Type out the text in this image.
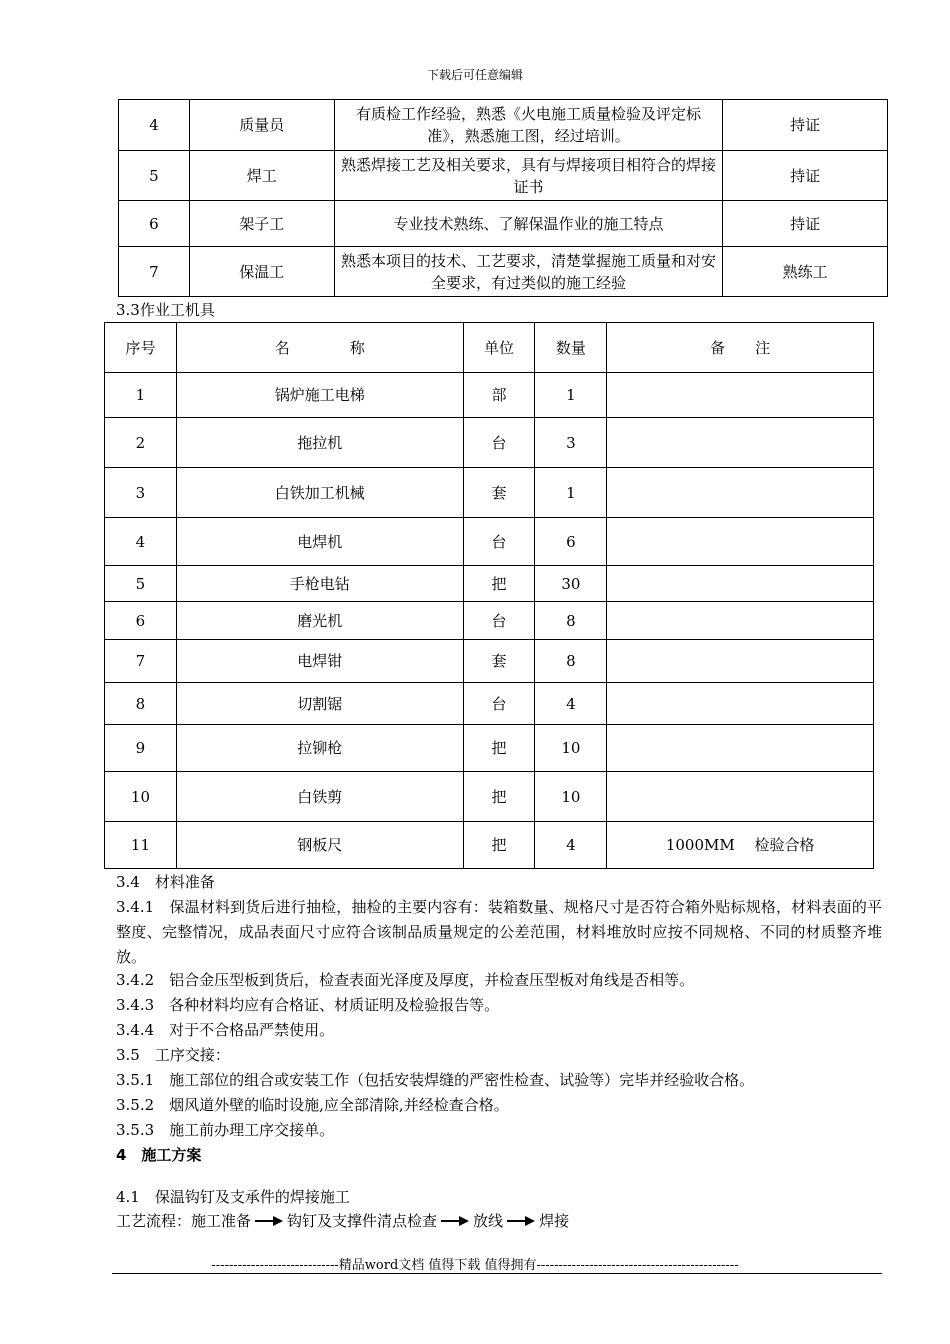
下载后可任意编辑
4	质量员	有质检工作经验，熟悉《火电施工质量检验及评定标准》，熟悉施工图，经过培训。	持证
5	焊工	熟悉焊接工艺及相关要求，具有与焊接项目相符合的焊接证书	持证
6	架子工	专业技术熟练、了解保温作业的施工特点	持证
7	保温工	熟悉本项目的技术、工艺要求，清楚掌握施工质量和对安全要求，有过类似的施工经验	熟练工
3.3作业工机具
序号	名　　　　称	单位	数量	备　　注
1	锅炉施工电梯	部	1	
2	拖拉机	台	3	
3	白铁加工机械	套	1	
4	电焊机	台	6	
5	手枪电钻	把	30	
6	磨光机	台	8	
7	电焊钳	套	8	
8	切割锯	台	4	
9	拉铆枪	把	10	
10	白铁剪	把	10	
11	钢板尺	把	4	1000MM　 检验合格
3.4　材料准备
3.4.1　保温材料到货后进行抽检，抽检的主要内容有：装箱数量、规格尺寸是否符合箱外贴标规格，材料表面的平整度、完整情况，成品表面尺寸应符合该制品质量规定的公差范围，材料堆放时应按不同规格、不同的材质整齐堆放。
3.4.2　铝合金压型板到货后，检查表面光泽度及厚度，并检查压型板对角线是否相等。
3.4.3　各种材料均应有合格证、材质证明及检验报告等。
3.4.4　对于不合格品严禁使用。
3.5　工序交接：
3.5.1　施工部位的组合或安装工作（包括安装焊缝的严密性检查、试验等）完毕并经验收合格。
3.5.2　烟风道外壁的临时设施,应全部清除,并经检查合格。
3.5.3　施工前办理工序交接单。
4　施工方案
4.1　保温钩钉及支承件的焊接施工
工艺流程： 施工准备 钩钉及支撑件清点检查 放线 焊接
-----------------------------精品word文档 值得下载 值得拥有----------------------------------------------
